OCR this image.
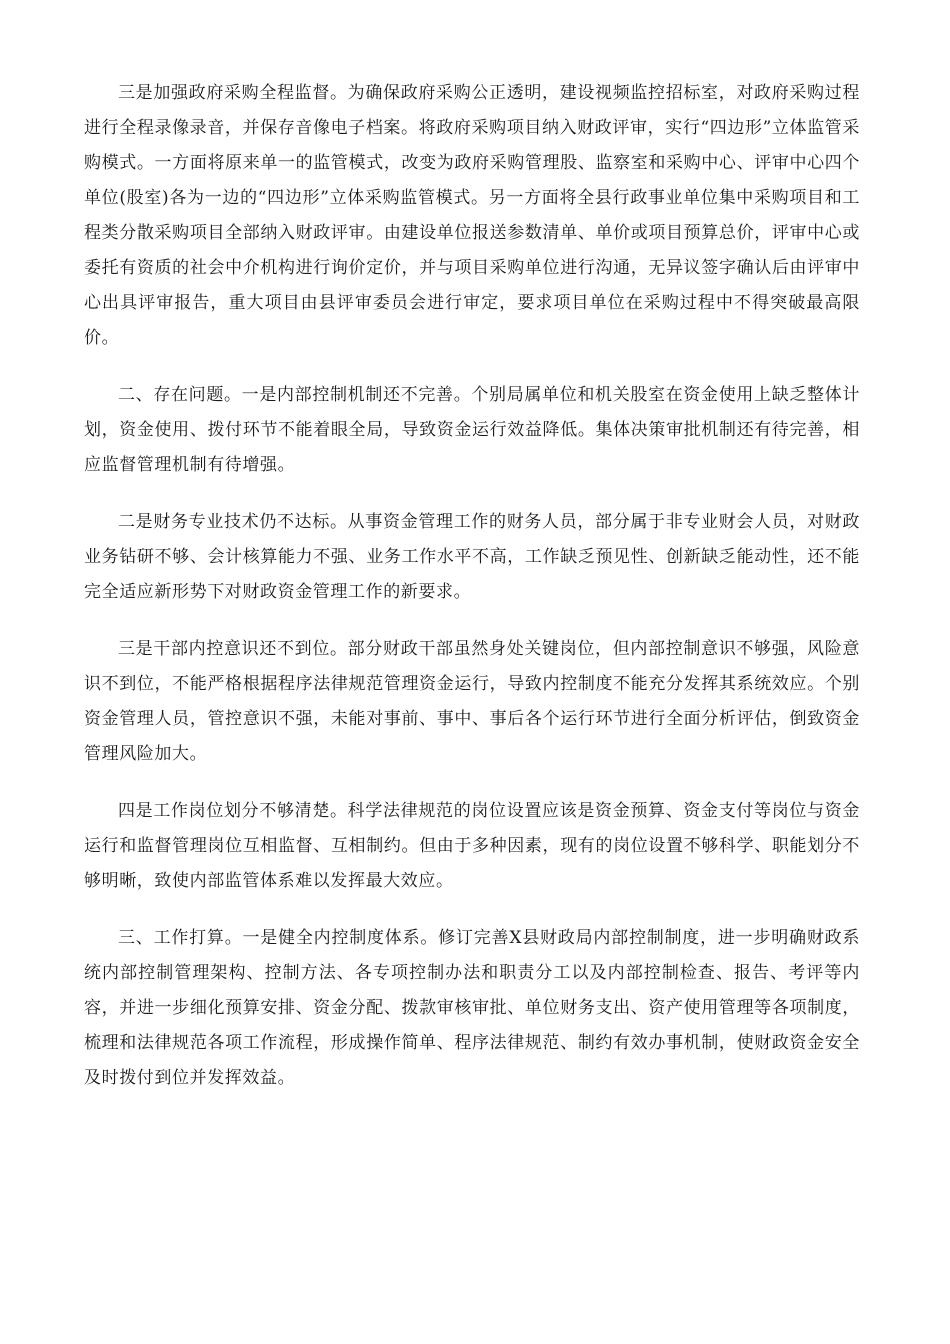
三是加强政府采购全程监督。为确保政府采购公正透明，建设视频监控招标室，对政府采购过程进行全程录像录音，并保存音像电子档案。将政府采购项目纳入财政评审，实行“四边形”立体监管采购模式。一方面将原来单一的监管模式，改变为政府采购管理股、监察室和采购中心、评审中心四个单位(股室)各为一边的“四边形”立体采购监管模式。另一方面将全县行政事业单位集中采购项目和工程类分散采购项目全部纳入财政评审。由建设单位报送参数清单、单价或项目预算总价，评审中心或委托有资质的社会中介机构进行询价定价，并与项目采购单位进行沟通，无异议签字确认后由评审中心出具评审报告，重大项目由县评审委员会进行审定，要求项目单位在采购过程中不得突破最高限价。

二、存在问题。一是内部控制机制还不完善。个别局属单位和机关股室在资金使用上缺乏整体计划，资金使用、拨付环节不能着眼全局，导致资金运行效益降低。集体决策审批机制还有待完善，相应监督管理机制有待增强。

二是财务专业技术仍不达标。从事资金管理工作的财务人员，部分属于非专业财会人员，对财政业务钻研不够、会计核算能力不强、业务工作水平不高，工作缺乏预见性、创新缺乏能动性，还不能完全适应新形势下对财政资金管理工作的新要求。

三是干部内控意识还不到位。部分财政干部虽然身处关键岗位，但内部控制意识不够强，风险意识不到位，不能严格根据程序法律规范管理资金运行，导致内控制度不能充分发挥其系统效应。个别资金管理人员，管控意识不强，未能对事前、事中、事后各个运行环节进行全面分析评估，倒致资金管理风险加大。

四是工作岗位划分不够清楚。科学法律规范的岗位设置应该是资金预算、资金支付等岗位与资金运行和监督管理岗位互相监督、互相制约。但由于多种因素，现有的岗位设置不够科学、职能划分不够明晰，致使内部监管体系难以发挥最大效应。

三、工作打算。一是健全内控制度体系。修订完善X县财政局内部控制制度，进一步明确财政系统内部控制管理架构、控制方法、各专项控制办法和职责分工以及内部控制检查、报告、考评等内容，并进一步细化预算安排、资金分配、拨款审核审批、单位财务支出、资产使用管理等各项制度，梳理和法律规范各项工作流程，形成操作简单、程序法律规范、制约有效办事机制，使财政资金安全及时拨付到位并发挥效益。
